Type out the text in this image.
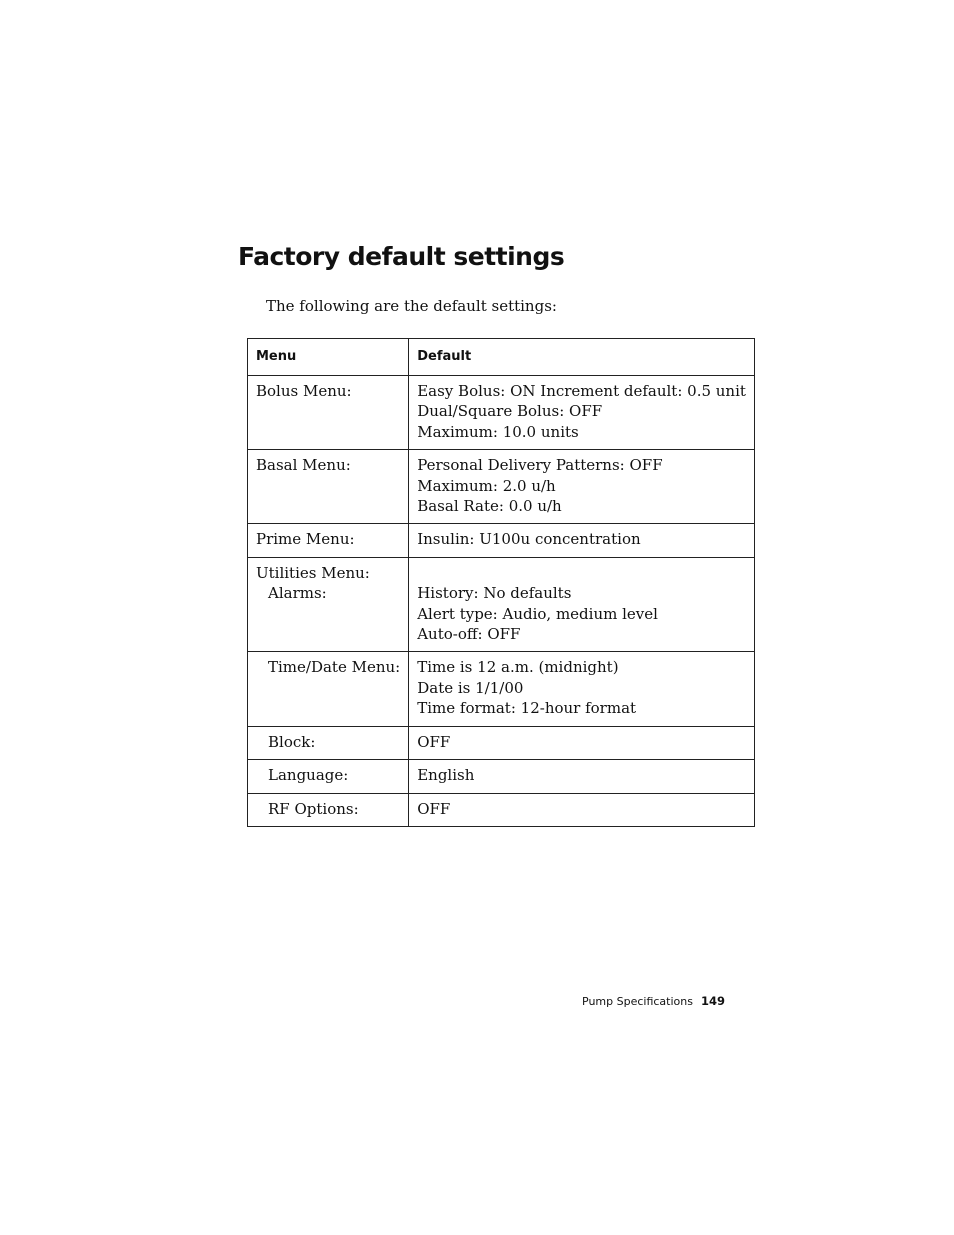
Factory default settings

The following are the default settings:

Menu	Default

Bolus Menu:	Easy Bolus: ON Increment default: 0.5 unit
Dual/Square Bolus: OFF
Maximum: 10.0 units

Basal Menu:	Personal Delivery Patterns: OFF
Maximum: 2.0 u/h
Basal Rate: 0.0 u/h

Prime Menu:	Insulin: U100u concentration

Utilities Menu:
Alarms:	History: No defaults
Alert type: Audio, medium level
Auto-off: OFF

Time/Date Menu:	Time is 12 a.m. (midnight)
Date is 1/1/00
Time format: 12-hour format

Block:	OFF

Language:	English

RF Options:	OFF
Pump Specifications 149
